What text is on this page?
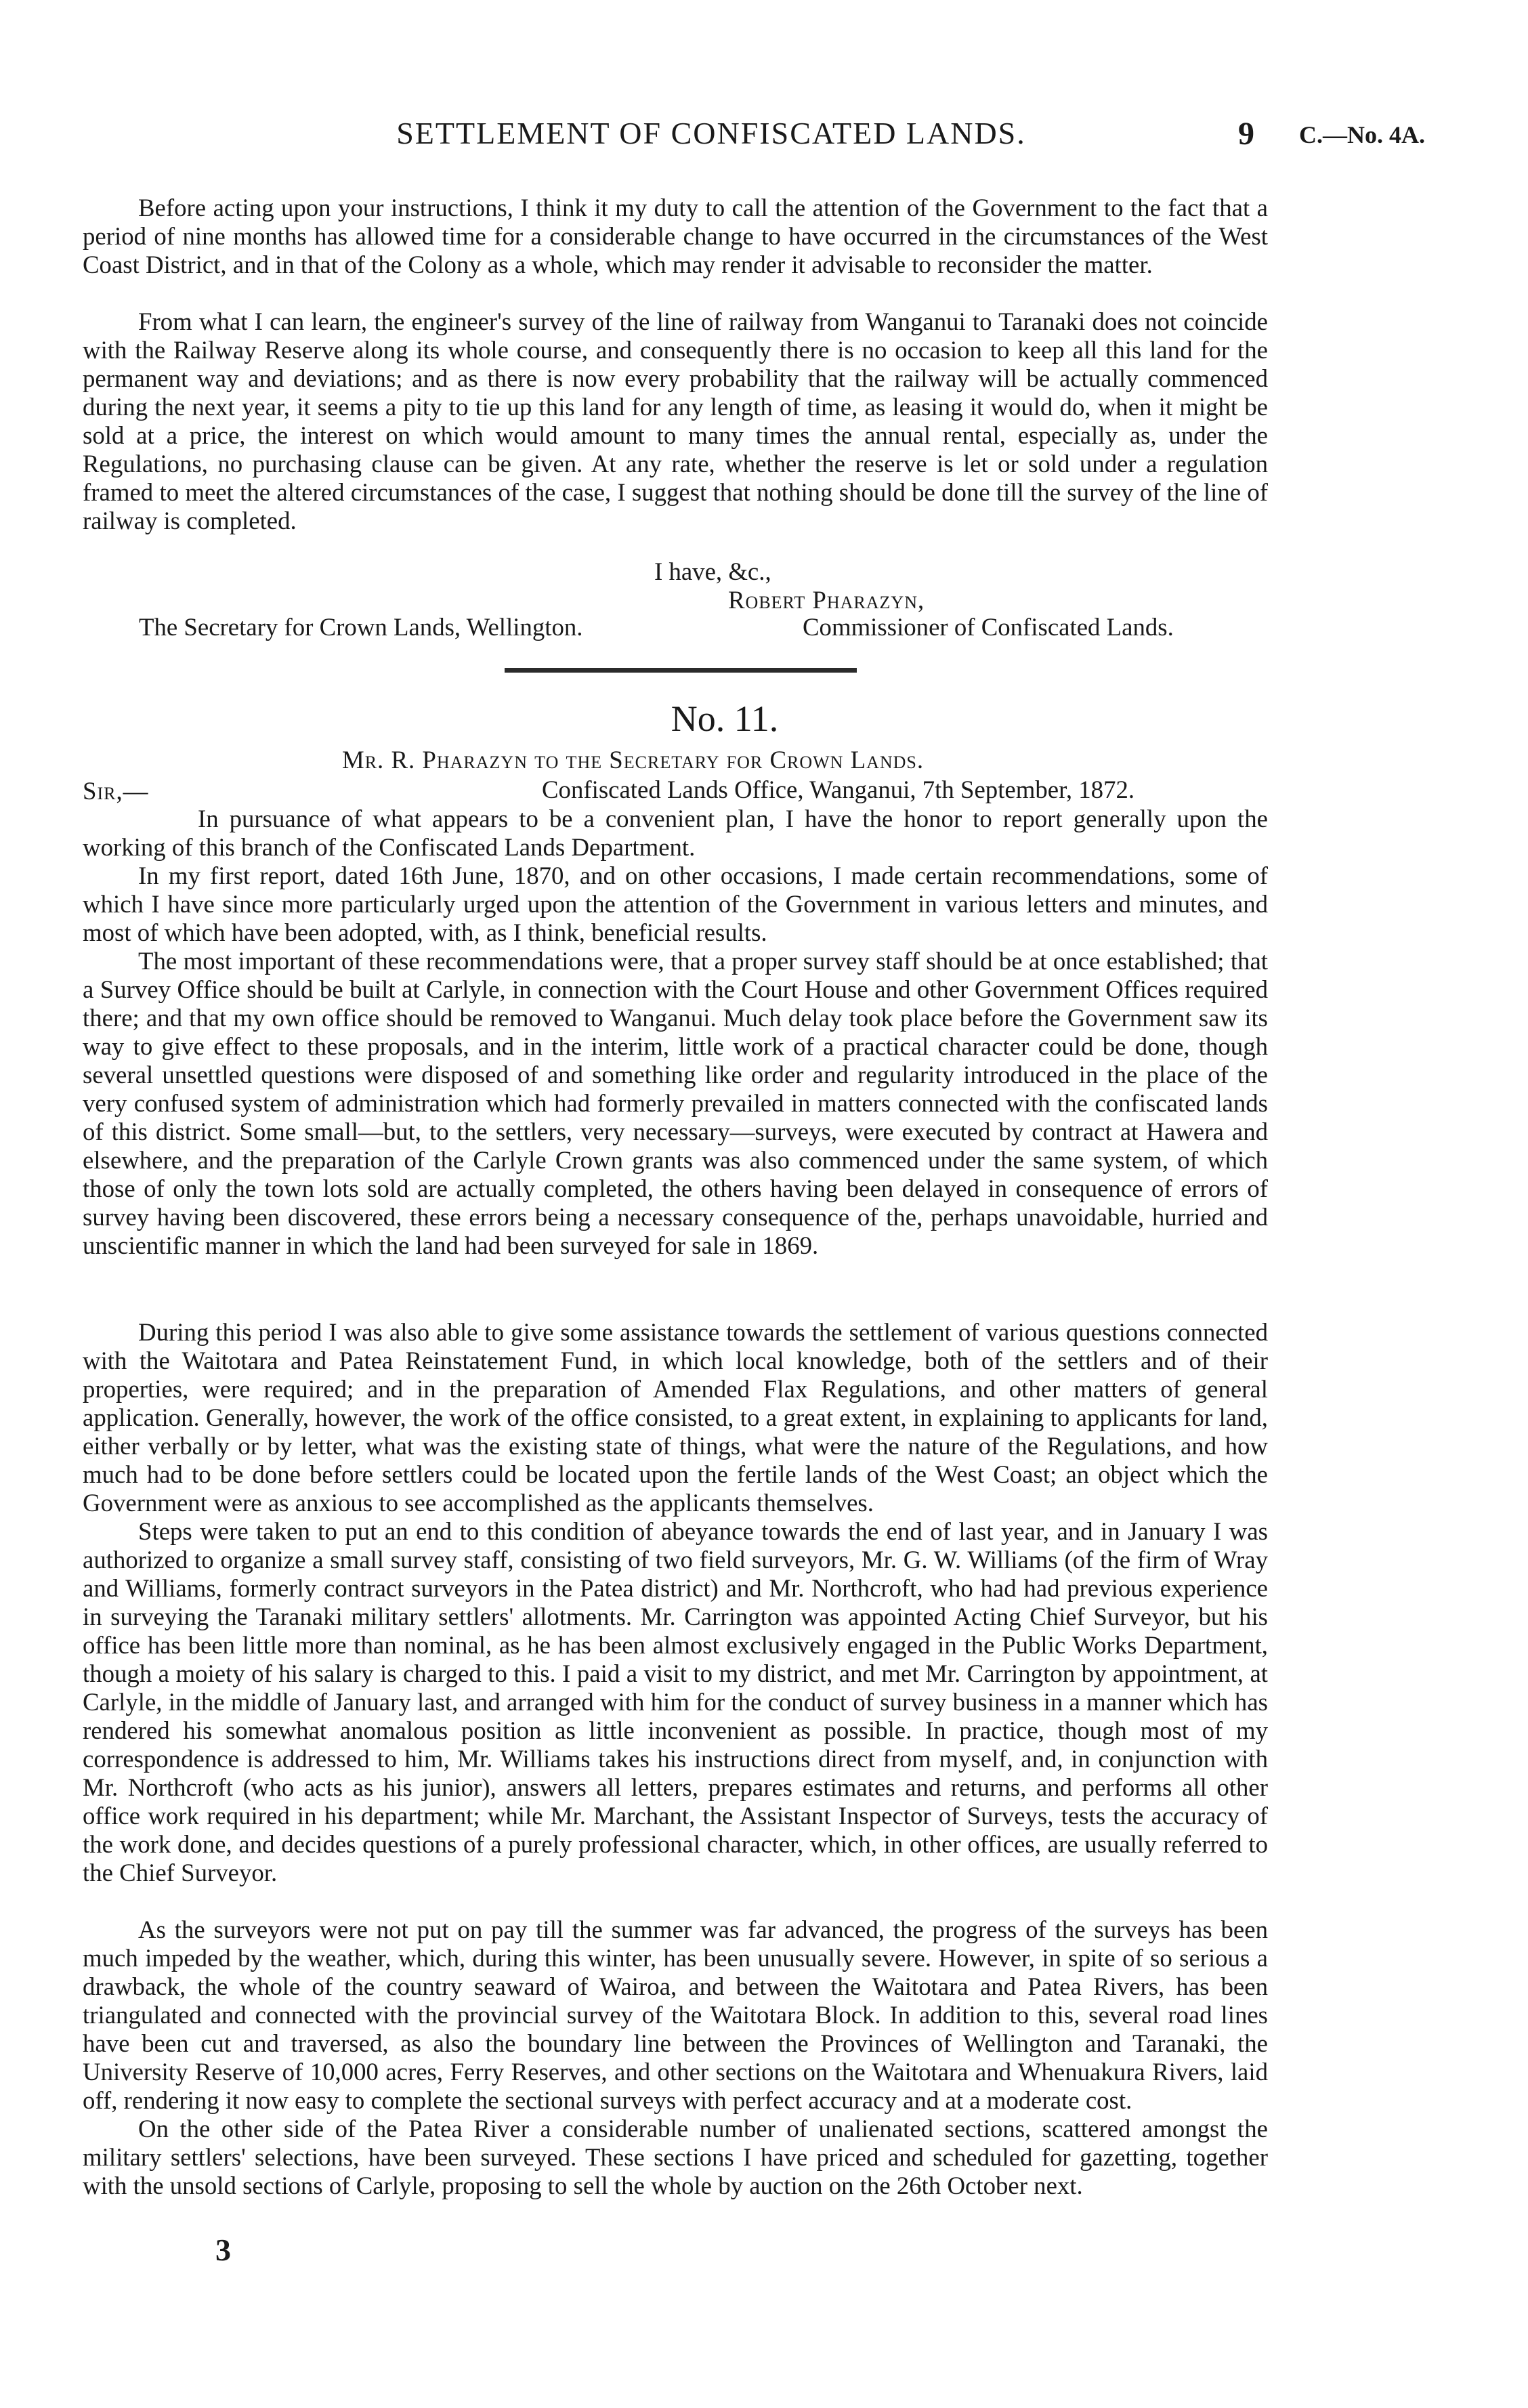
SETTLEMENT OF CONFISCATED LANDS.	9 C.—No. 4A.

Before acting upon your instructions, I think it my duty to call the attention of the Government to the fact that a period of nine months has allowed time for a considerable change to have occurred in the circumstances of the West Coast District, and in that of the Colony as a whole, which may render it advisable to reconsider the matter.

From what I can learn, the engineer's survey of the line of railway from Wanganui to Taranaki does not coincide with the Railway Reserve along its whole course, and consequently there is no occasion to keep all this land for the permanent way and deviations; and as there is now every probability that the railway will be actually commenced during the next year, it seems a pity to tie up this land for any length of time, as leasing it would do, when it might be sold at a price, the interest on which would amount to many times the annual rental, especially as, under the Regulations, no purchasing clause can be given. At any rate, whether the reserve is let or sold under a regulation framed to meet the altered circumstances of the case, I suggest that nothing should be done till the survey of the line of railway is completed.

I have, &c.,
Robert Pharazyn,
The Secretary for Crown Lands, Wellington.	Commissioner of Confiscated Lands.
No. 11.
Mr. R. Pharazyn to the Secretary for Crown Lands.
Sir,—	Confiscated Lands Office, Wanganui, 7th September, 1872.

In pursuance of what appears to be a convenient plan, I have the honor to report generally upon the working of this branch of the Confiscated Lands Department.

In my first report, dated 16th June, 1870, and on other occasions, I made certain recommendations, some of which I have since more particularly urged upon the attention of the Government in various letters and minutes, and most of which have been adopted, with, as I think, beneficial results.

The most important of these recommendations were, that a proper survey staff should be at once established; that a Survey Office should be built at Carlyle, in connection with the Court House and other Government Offices required there; and that my own office should be removed to Wanganui. Much delay took place before the Government saw its way to give effect to these proposals, and in the interim, little work of a practical character could be done, though several unsettled questions were disposed of and something like order and regularity introduced in the place of the very confused system of administration which had formerly prevailed in matters connected with the confiscated lands of this district. Some small—but, to the settlers, very necessary—surveys, were executed by contract at Hawera and elsewhere, and the preparation of the Carlyle Crown grants was also commenced under the same system, of which those of only the town lots sold are actually completed, the others having been delayed in consequence of errors of survey having been discovered, these errors being a necessary consequence of the, perhaps unavoidable, hurried and unscientific manner in which the land had been surveyed for sale in 1869.

During this period I was also able to give some assistance towards the settlement of various questions connected with the Waitotara and Patea Reinstatement Fund, in which local knowledge, both of the settlers and of their properties, were required; and in the preparation of Amended Flax Regulations, and other matters of general application. Generally, however, the work of the office consisted, to a great extent, in explaining to applicants for land, either verbally or by letter, what was the existing state of things, what were the nature of the Regulations, and how much had to be done before settlers could be located upon the fertile lands of the West Coast; an object which the Government were as anxious to see accomplished as the applicants themselves.

Steps were taken to put an end to this condition of abeyance towards the end of last year, and in January I was authorized to organize a small survey staff, consisting of two field surveyors, Mr. G. W. Williams (of the firm of Wray and Williams, formerly contract surveyors in the Patea district) and Mr. Northcroft, who had had previous experience in surveying the Taranaki military settlers' allotments. Mr. Carrington was appointed Acting Chief Surveyor, but his office has been little more than nominal, as he has been almost exclusively engaged in the Public Works Department, though a moiety of his salary is charged to this. I paid a visit to my district, and met Mr. Carrington by appointment, at Carlyle, in the middle of January last, and arranged with him for the conduct of survey business in a manner which has rendered his somewhat anomalous position as little inconvenient as possible. In practice, though most of my correspondence is addressed to him, Mr. Williams takes his instructions direct from myself, and, in conjunction with Mr. Northcroft (who acts as his junior), answers all letters, prepares estimates and returns, and performs all other office work required in his department; while Mr. Marchant, the Assistant Inspector of Surveys, tests the accuracy of the work done, and decides questions of a purely professional character, which, in other offices, are usually referred to the Chief Surveyor.

As the surveyors were not put on pay till the summer was far advanced, the progress of the surveys has been much impeded by the weather, which, during this winter, has been unusually severe. However, in spite of so serious a drawback, the whole of the country seaward of Wairoa, and between the Waitotara and Patea Rivers, has been triangulated and connected with the provincial survey of the Waitotara Block. In addition to this, several road lines have been cut and traversed, as also the boundary line between the Provinces of Wellington and Taranaki, the University Reserve of 10,000 acres, Ferry Reserves, and other sections on the Waitotara and Whenuakura Rivers, laid off, rendering it now easy to complete the sectional surveys with perfect accuracy and at a moderate cost.

On the other side of the Patea River a considerable number of unalienated sections, scattered amongst the military settlers' selections, have been surveyed. These sections I have priced and scheduled for gazetting, together with the unsold sections of Carlyle, proposing to sell the whole by auction on the 26th October next.

3
